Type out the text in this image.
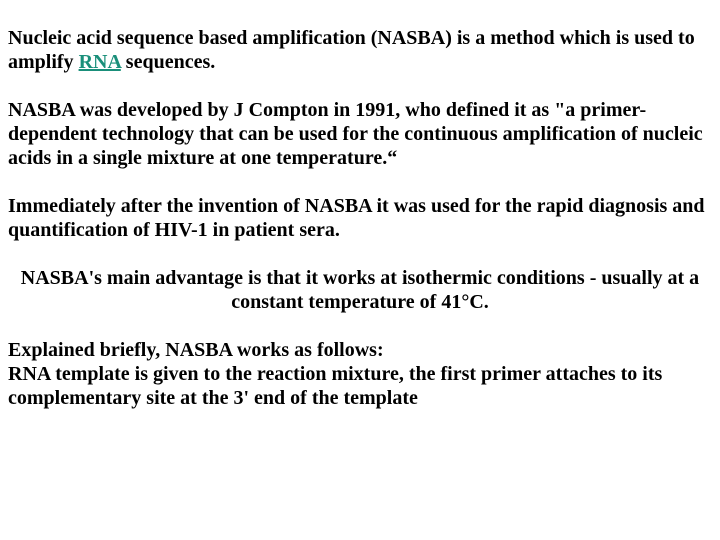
Nucleic acid sequence based amplification (NASBA) is a method which is used to amplify RNA sequences.

NASBA was developed by J Compton in 1991, who defined it as "a primer-dependent technology that can be used for the continuous amplification of nucleic acids in a single mixture at one temperature.“

Immediately after the invention of NASBA it was used for the rapid diagnosis and quantification of HIV-1 in patient sera.

NASBA's main advantage is that it works at isothermic conditions - usually at a constant temperature of 41°C.

Explained briefly, NASBA works as follows:
RNA template is given to the reaction mixture, the first primer attaches to its complementary site at the 3' end of the template
